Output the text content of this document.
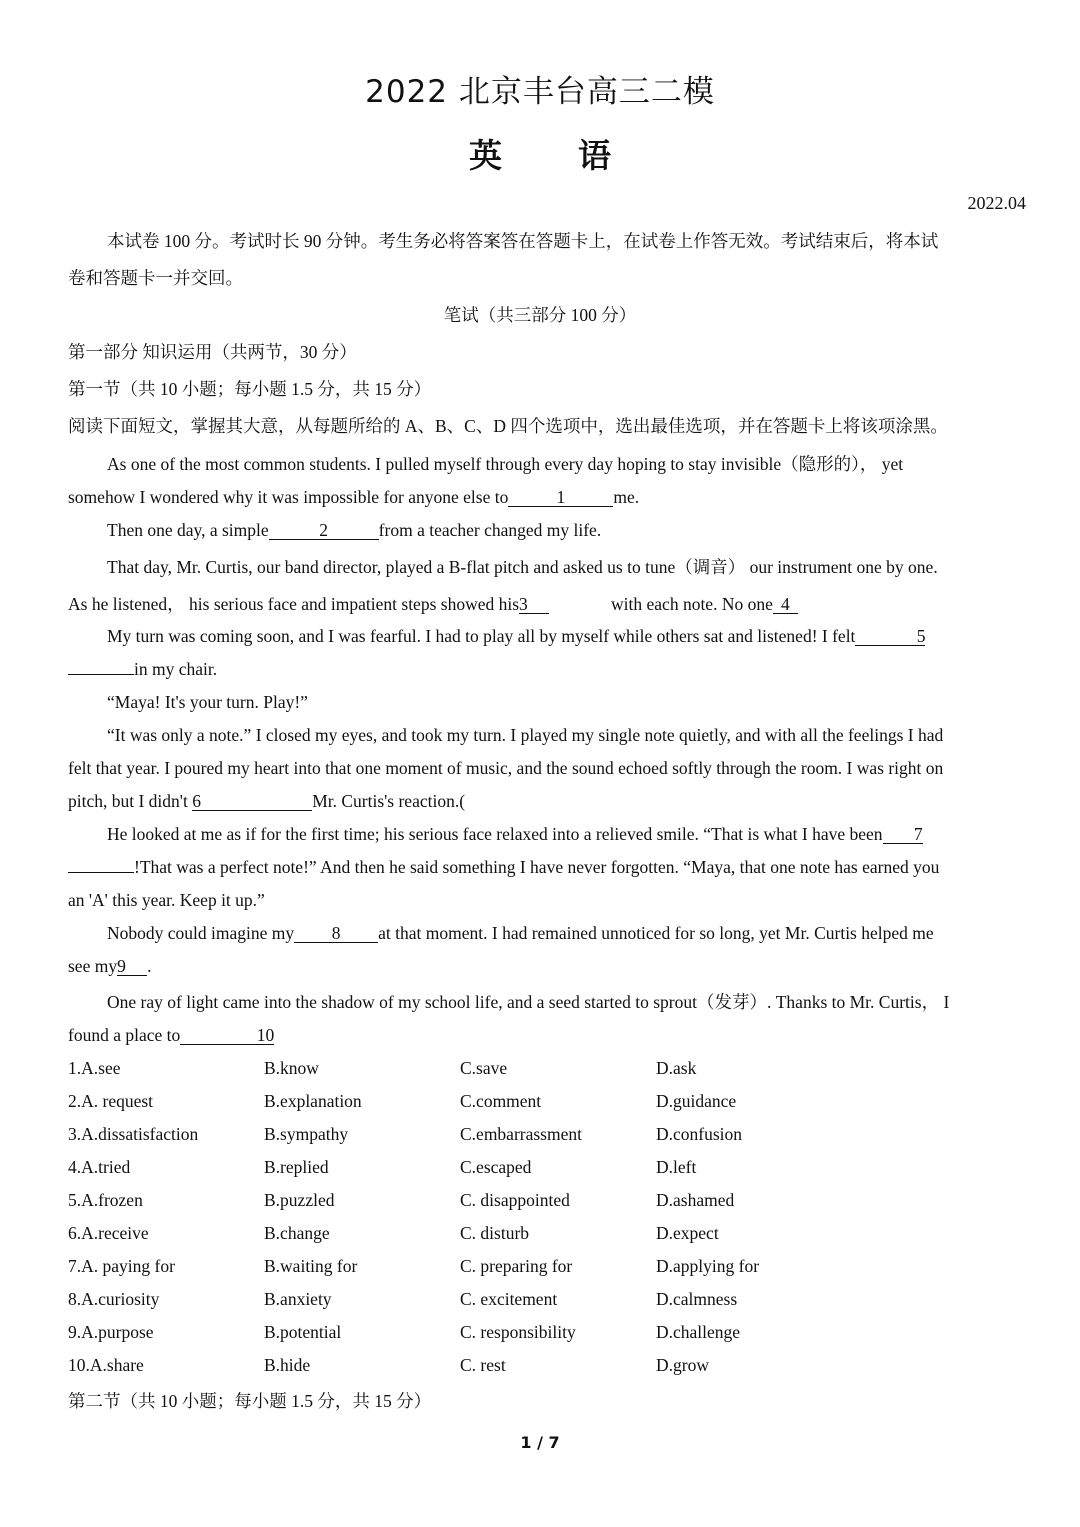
2022 北京丰台高三二模
英 语
2022.04
本试卷 100 分。考试时长 90 分钟。考生务必将答案答在答题卡上，在试卷上作答无效。考试结束后，将本试
卷和答题卡一并交回。
笔试（共三部分 100 分）
第一部分 知识运用（共两节，30 分）
第一节（共 10 小题；每小题 1.5 分，共 15 分）
阅读下面短文，掌握其大意，从每题所给的 A、B、C、D 四个选项中，选出最佳选项，并在答题卡上将该项涂黑。
As one of the most common students. I pulled myself through every day hoping to stay invisible（隐形的）， yet
somehow I wondered why it was impossible for anyone else to	1	me.
Then one day, a simple	2	from a teacher changed my life.
That day, Mr. Curtis, our band director, played a B-flat pitch and asked us to tune（调音） our instrument one by one.
As he listened， his serious face and impatient steps showed his3	with each note. No one 4
My turn was coming soon, and I was fearful. I had to play all by myself while others sat and listened! I felt	5
in my chair.
“Maya! It's your turn. Play!”
“It was only a note.” I closed my eyes, and took my turn. I played my single note quietly, and with all the feelings I had
felt that year. I poured my heart into that one moment of music, and the sound echoed softly through the room. I was right on
pitch, but I didn't 6	Mr. Curtis's reaction.(
He looked at me as if for the first time; his serious face relaxed into a relieved smile. “That is what I have been 7
!That was a perfect note!” And then he said something I have never forgotten. “Maya, that one note has earned you
an 'A' this year. Keep it up.”
Nobody could imagine my 8 at that moment. I had remained unnoticed for so long, yet Mr. Curtis helped me
see my9 .
One ray of light came into the shadow of my school life, and a seed started to sprout（发芽）. Thanks to Mr. Curtis， I
found a place to	10
1.A.see	B.know	C.save	D.ask
2.A. request	B.explanation	C.comment	D.guidance
3.A.dissatisfaction	B.sympathy	C.embarrassment	D.confusion
4.A.tried	B.replied	C.escaped	D.left
5.A.frozen	B.puzzled	C. disappointed	D.ashamed
6.A.receive	B.change	C. disturb	D.expect
7.A. paying for	B.waiting for	C. preparing for	D.applying for
8.A.curiosity	B.anxiety	C. excitement	D.calmness
9.A.purpose	B.potential	C. responsibility	D.challenge
10.A.share	B.hide	C. rest	D.grow
第二节（共 10 小题；每小题 1.5 分，共 15 分）
1 / 7
